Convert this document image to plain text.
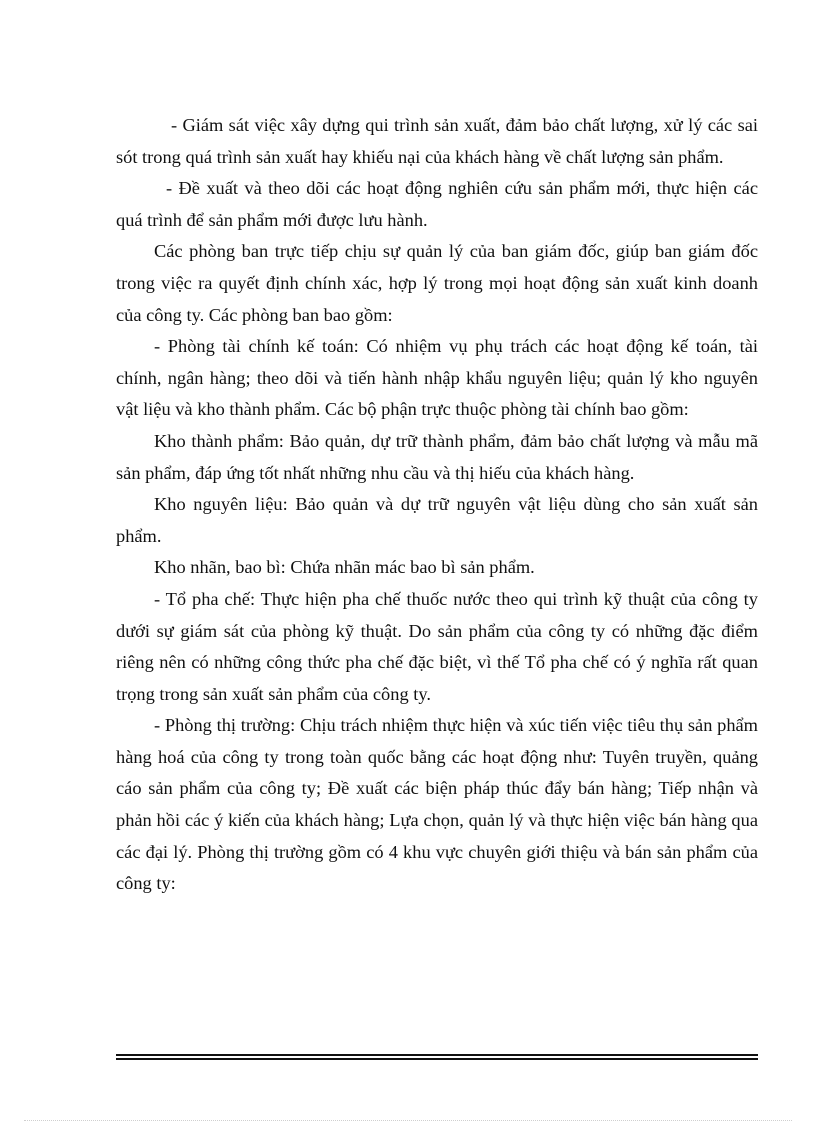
- Giám sát việc xây dựng qui trình sản xuất, đảm bảo chất lượng, xử lý các sai sót trong quá trình sản xuất hay khiếu nại của khách hàng về chất lượng sản phẩm.

- Đề xuất và theo dõi các hoạt động nghiên cứu sản phẩm mới, thực hiện các quá trình để sản phẩm mới được lưu hành.

Các phòng ban trực tiếp chịu sự quản lý của ban giám đốc, giúp ban giám đốc trong việc ra quyết định chính xác, hợp lý trong mọi hoạt động sản xuất kinh doanh của công ty. Các phòng ban bao gồm:

- Phòng tài chính kế toán: Có nhiệm vụ phụ trách các hoạt động kế toán, tài chính, ngân hàng; theo dõi và tiến hành nhập khẩu nguyên liệu; quản lý kho nguyên vật liệu và kho thành phẩm. Các bộ phận trực thuộc phòng tài chính bao gồm:

Kho thành phẩm: Bảo quản, dự trữ thành phẩm, đảm bảo chất lượng và mẫu mã sản phẩm, đáp ứng tốt nhất những nhu cầu và thị hiếu của khách hàng.

Kho nguyên liệu: Bảo quản và dự trữ nguyên vật liệu dùng cho sản xuất sản phẩm.

Kho nhãn, bao bì: Chứa nhãn mác bao bì sản phẩm.

- Tổ pha chế: Thực hiện pha chế thuốc nước theo qui trình kỹ thuật của công ty dưới sự giám sát của phòng kỹ thuật. Do sản phẩm của công ty có những đặc điểm riêng nên có những công thức pha chế đặc biệt, vì thế Tổ pha chế có ý nghĩa rất quan trọng trong sản xuất sản phẩm của công ty.

- Phòng thị trường: Chịu trách nhiệm thực hiện và xúc tiến việc tiêu thụ sản phẩm hàng hoá của công ty trong toàn quốc bằng các hoạt động như: Tuyên truyền, quảng cáo sản phẩm của công ty; Đề xuất các biện pháp thúc đẩy bán hàng; Tiếp nhận và phản hồi các ý kiến của khách hàng; Lựa chọn, quản lý và thực hiện việc bán hàng qua các đại lý. Phòng thị trường gồm có 4 khu vực chuyên giới thiệu và bán sản phẩm của công ty:
